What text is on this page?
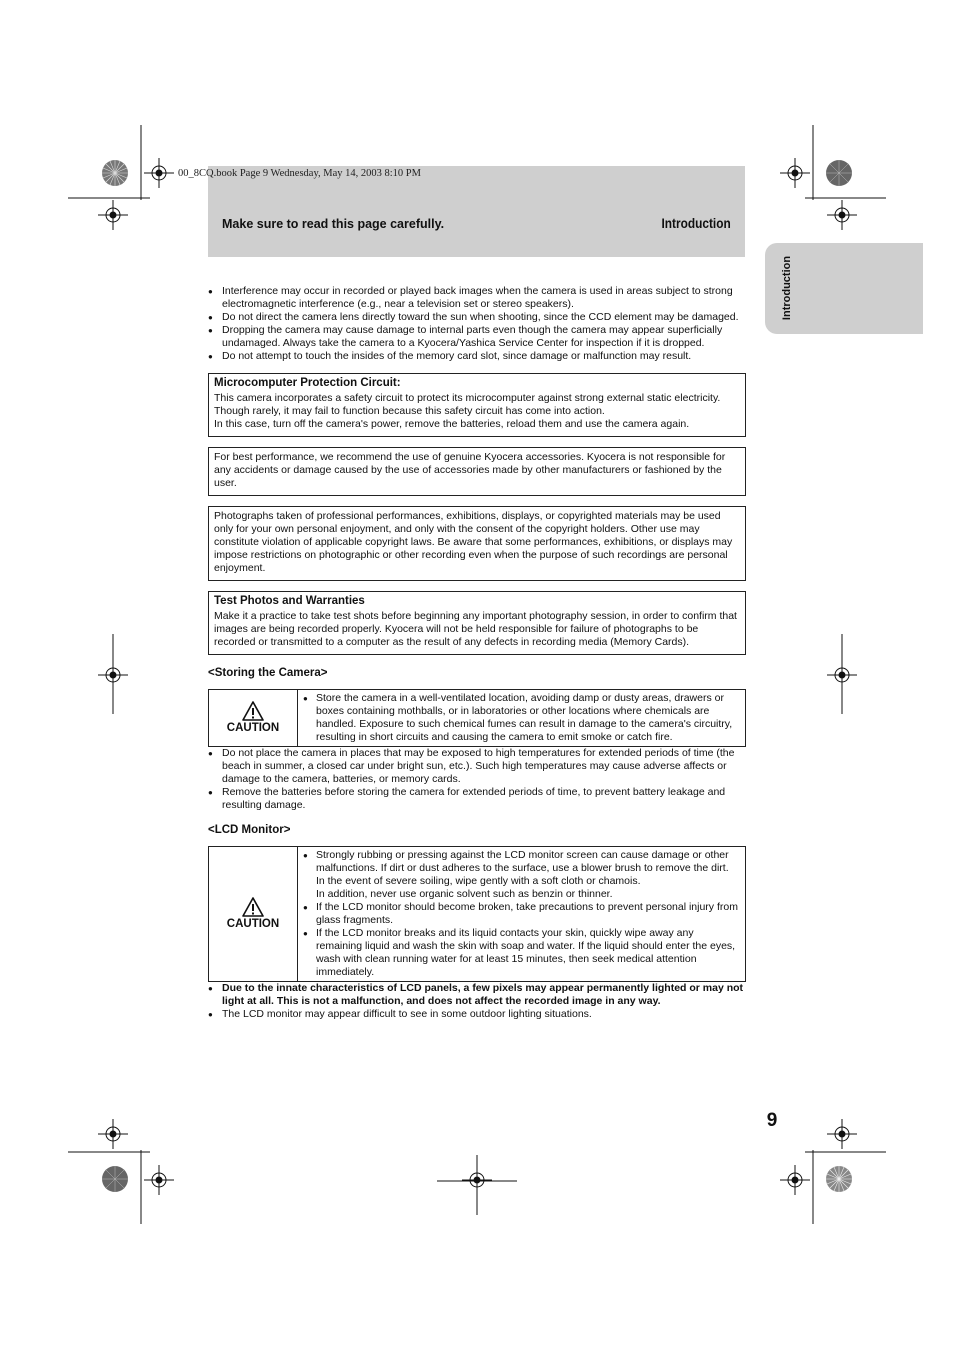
00_8CQ.book Page 9 Wednesday, May 14, 2003 8:10 PM
Make sure to read this page carefully.	Introduction
Introduction
● Interference may occur in recorded or played back images when the camera is used in areas subject to strong electromagnetic interference (e.g., near a television set or stereo speakers).
● Do not direct the camera lens directly toward the sun when shooting, since the CCD element may be damaged.
● Dropping the camera may cause damage to internal parts even though the camera may appear superficially undamaged. Always take the camera to a Kyocera/Yashica Service Center for inspection if it is dropped.
● Do not attempt to touch the insides of the memory card slot, since damage or malfunction may result.
Microcomputer Protection Circuit:

This camera incorporates a safety circuit to protect its microcomputer against strong external static electricity. Though rarely, it may fail to function because this safety circuit has come into action.

In this case, turn off the camera's power, remove the batteries, reload them and use the camera again.

For best performance, we recommend the use of genuine Kyocera accessories. Kyocera is not responsible for any accidents or damage caused by the use of accessories made by other manufacturers or fashioned by the user.

Photographs taken of professional performances, exhibitions, displays, or copyrighted materials may be used only for your own personal enjoyment, and only with the consent of the copyright holders. Other use may constitute violation of applicable copyright laws. Be aware that some performances, exhibitions, or displays may impose restrictions on photographic or other recording even when the purpose of such recordings are personal enjoyment.

Test Photos and Warranties

Make it a practice to take test shots before beginning any important photography session, in order to confirm that images are being recorded properly. Kyocera will not be held responsible for failure of photographs to be recorded or transmitted to a computer as the result of any defects in recording media (Memory Cards).

<Storing the Camera>
CAUTION
● Store the camera in a well-ventilated location, avoiding damp or dusty areas, drawers or boxes containing mothballs, or in laboratories or other locations where chemicals are handled. Exposure to such chemical fumes can result in damage to the camera's circuitry, resulting in short circuits and causing the camera to emit smoke or catch fire.
● Do not place the camera in places that may be exposed to high temperatures for extended periods of time (the beach in summer, a closed car under bright sun, etc.). Such high temperatures may cause adverse affects or damage to the camera, batteries, or memory cards.
● Remove the batteries before storing the camera for extended periods of time, to prevent battery leakage and resulting damage.
<LCD Monitor>
CAUTION
● Strongly rubbing or pressing against the LCD monitor screen can cause damage or other malfunctions. If dirt or dust adheres to the surface, use a blower brush to remove the dirt. In the event of severe soiling, wipe gently with a soft cloth or chamois.
In addition, never use organic solvent such as benzin or thinner.
● If the LCD monitor should become broken, take precautions to prevent personal injury from glass fragments.
● If the LCD monitor breaks and its liquid contacts your skin, quickly wipe away any remaining liquid and wash the skin with soap and water. If the liquid should enter the eyes, wash with clean running water for at least 15 minutes, then seek medical attention immediately.
● Due to the innate characteristics of LCD panels, a few pixels may appear permanently lighted or may not light at all. This is not a malfunction, and does not affect the recorded image in any way.
● The LCD monitor may appear difficult to see in some outdoor lighting situations.
9
